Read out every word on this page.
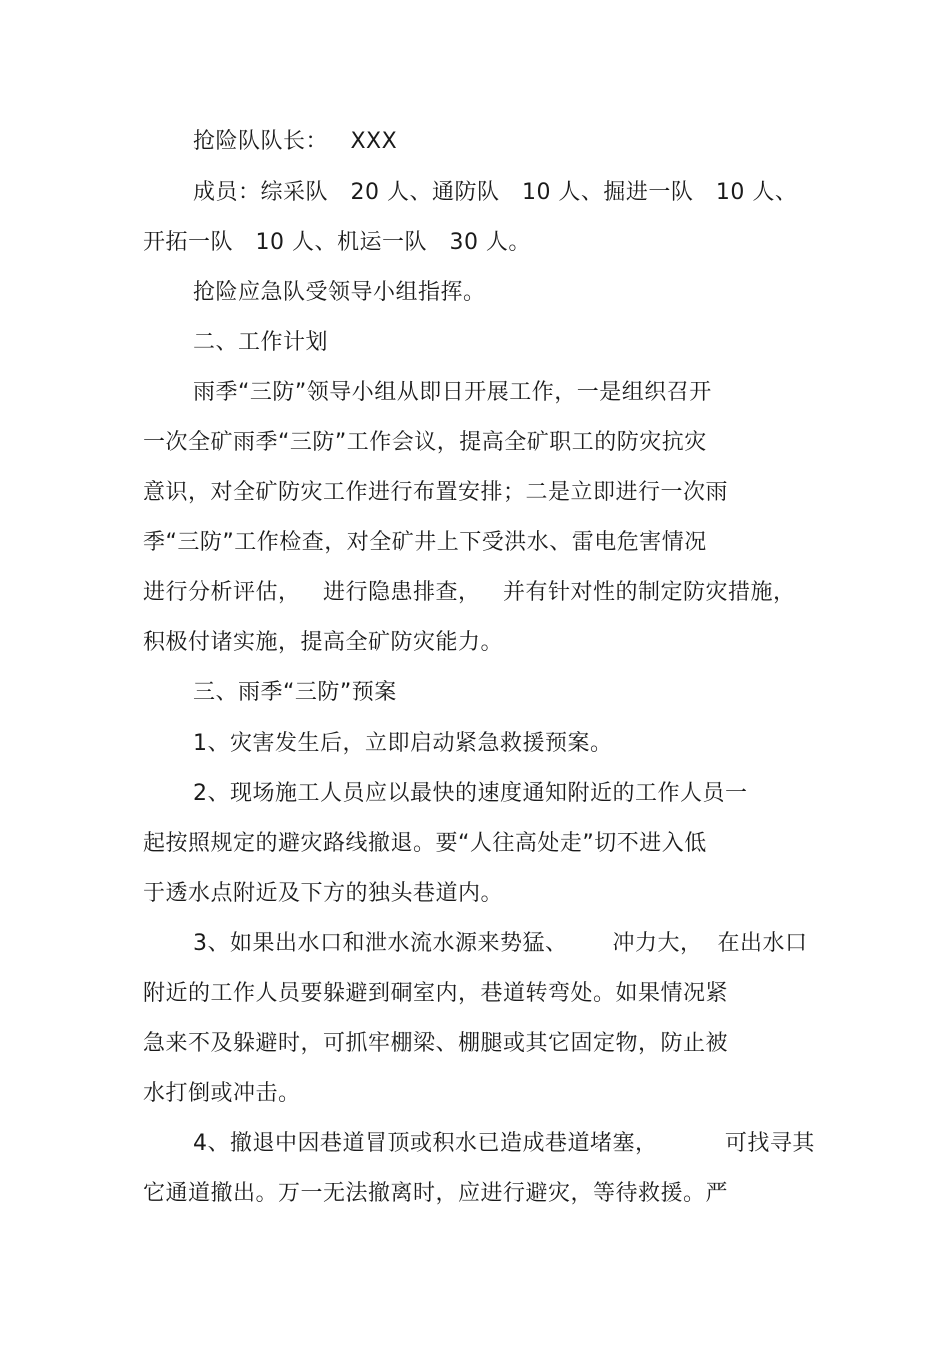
抢险队队长：   XXX
成员：综采队   20 人、通防队   10 人、掘进一队   10 人、
开拓一队   10 人、机运一队   30 人。
抢险应急队受领导小组指挥。
二、工作计划
雨季“三防”领导小组从即日开展工作，一是组织召开
一次全矿雨季“三防”工作会议，提高全矿职工的防灾抗灾
意识，对全矿防灾工作进行布置安排；二是立即进行一次雨
季“三防”工作检查，对全矿井上下受洪水、雷电危害情况
进行分析评估，   进行隐患排查，   并有针对性的制定防灾措施，
积极付诸实施，提高全矿防灾能力。
三、雨季“三防”预案
1、灾害发生后，立即启动紧急救援预案。
2、现场施工人员应以最快的速度通知附近的工作人员一
起按照规定的避灾路线撤退。要“人往高处走”切不进入低
于透水点附近及下方的独头巷道内。
3、如果出水口和泄水流水源来势猛、      冲力大，  在出水口
附近的工作人员要躲避到硐室内，巷道转弯处。如果情况紧
急来不及躲避时，可抓牢棚梁、棚腿或其它固定物，防止被
水打倒或冲击。
4、撤退中因巷道冒顶或积水已造成巷道堵塞，         可找寻其
它通道撤出。万一无法撤离时，应进行避灾，等待救援。严
